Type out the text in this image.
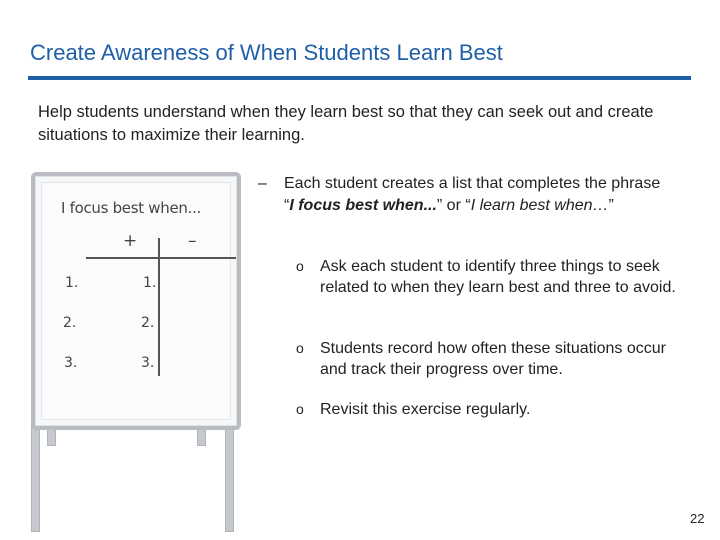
Create Awareness of When Students Learn Best
Help students understand when they learn best so that they can seek out and create situations to maximize their learning.
I focus best when...
+	–
1.	1.
2.	2.
3.	3.
– Each student creates a list that completes the phrase “I focus best when...” or “I learn best when…”
o Ask each student to identify three things to seek related to when they learn best and three to avoid.
o Students record how often these situations occur and track their progress over time.
o Revisit this exercise regularly.
22
